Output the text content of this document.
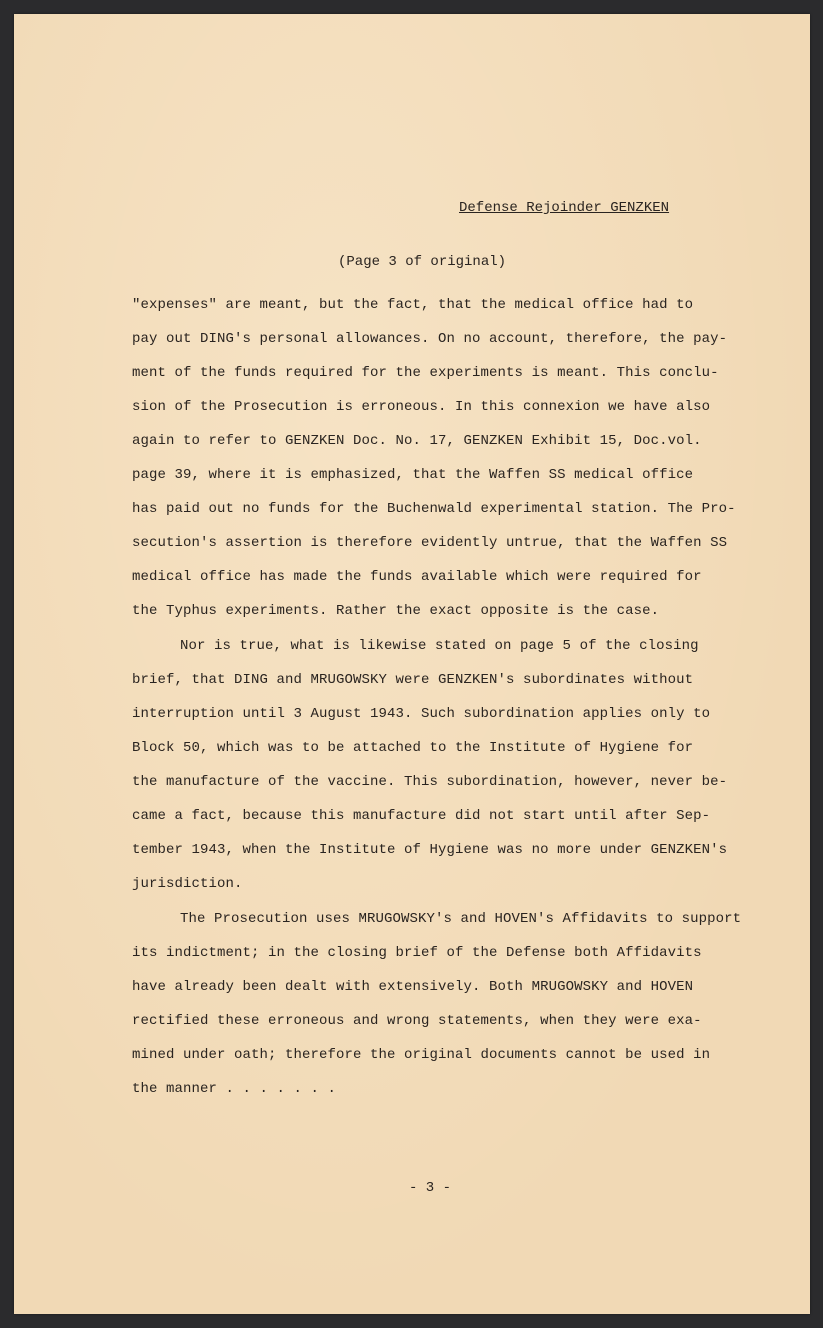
Defense Rejoinder GENZKEN
(Page 3 of original)
"expenses" are meant, but the fact, that the medical office had to
pay out DING's personal allowances. On no account, therefore, the pay-
ment of the funds required for the experiments is meant. This conclu-
sion of the Prosecution is erroneous. In this connexion we have also
again to refer to GENZKEN Doc. No. 17, GENZKEN Exhibit 15, Doc.vol.
page 39, where it is emphasized, that the Waffen SS medical office
has paid out no funds for the Buchenwald experimental station. The Pro-
secution's assertion is therefore evidently untrue, that the Waffen SS
medical office has made the funds available which were required for
the Typhus experiments. Rather the exact opposite is the case.
Nor is true, what is likewise stated on page 5 of the closing
brief, that DING and MRUGOWSKY were GENZKEN's subordinates without
interruption until 3 August 1943. Such subordination applies only to
Block 50, which was to be attached to the Institute of Hygiene for
the manufacture of the vaccine. This subordination, however, never be-
came a fact, because this manufacture did not start until after Sep-
tember 1943, when the Institute of Hygiene was no more under GENZKEN's
jurisdiction.
The Prosecution uses MRUGOWSKY's and HOVEN's Affidavits to support
its indictment; in the closing brief of the Defense both Affidavits
have already been dealt with extensively. Both MRUGOWSKY and HOVEN
rectified these erroneous and wrong statements, when they were exa-
mined under oath; therefore the original documents cannot be used in
the manner . . . . . . .
- 3 -
